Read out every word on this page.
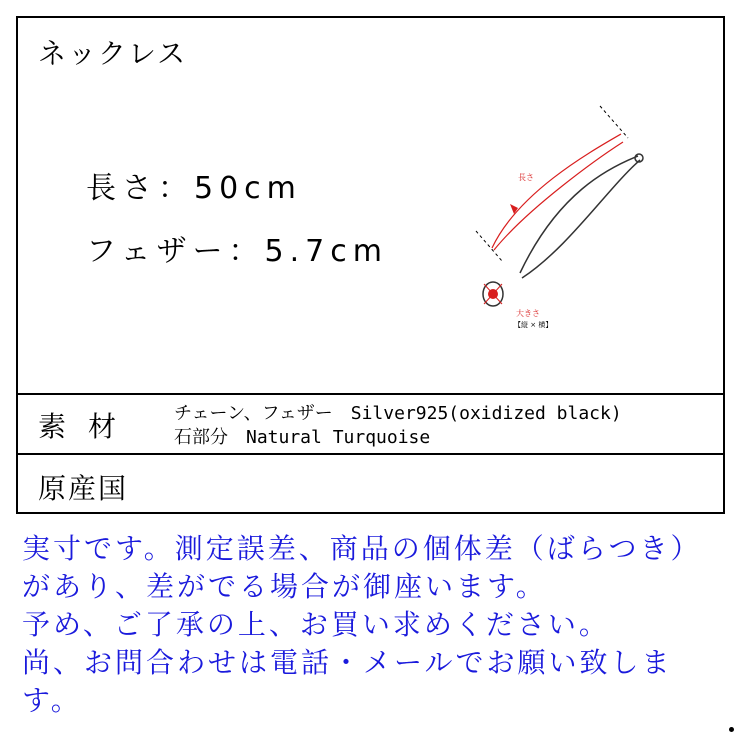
ネックレス
長さ：50cm
フェザー：5.7cm
長さ
大きさ
【縦 × 横】
素材 チェーン、フェザー　Silver925(oxidized black)
石部分　Natural Turquoise
原産国
実寸です。測定誤差、商品の個体差（ばらつき）
があり、差がでる場合が御座います。
予め、ご了承の上、お買い求めください。
尚、お問合わせは電話・メールでお願い致しま
す。
